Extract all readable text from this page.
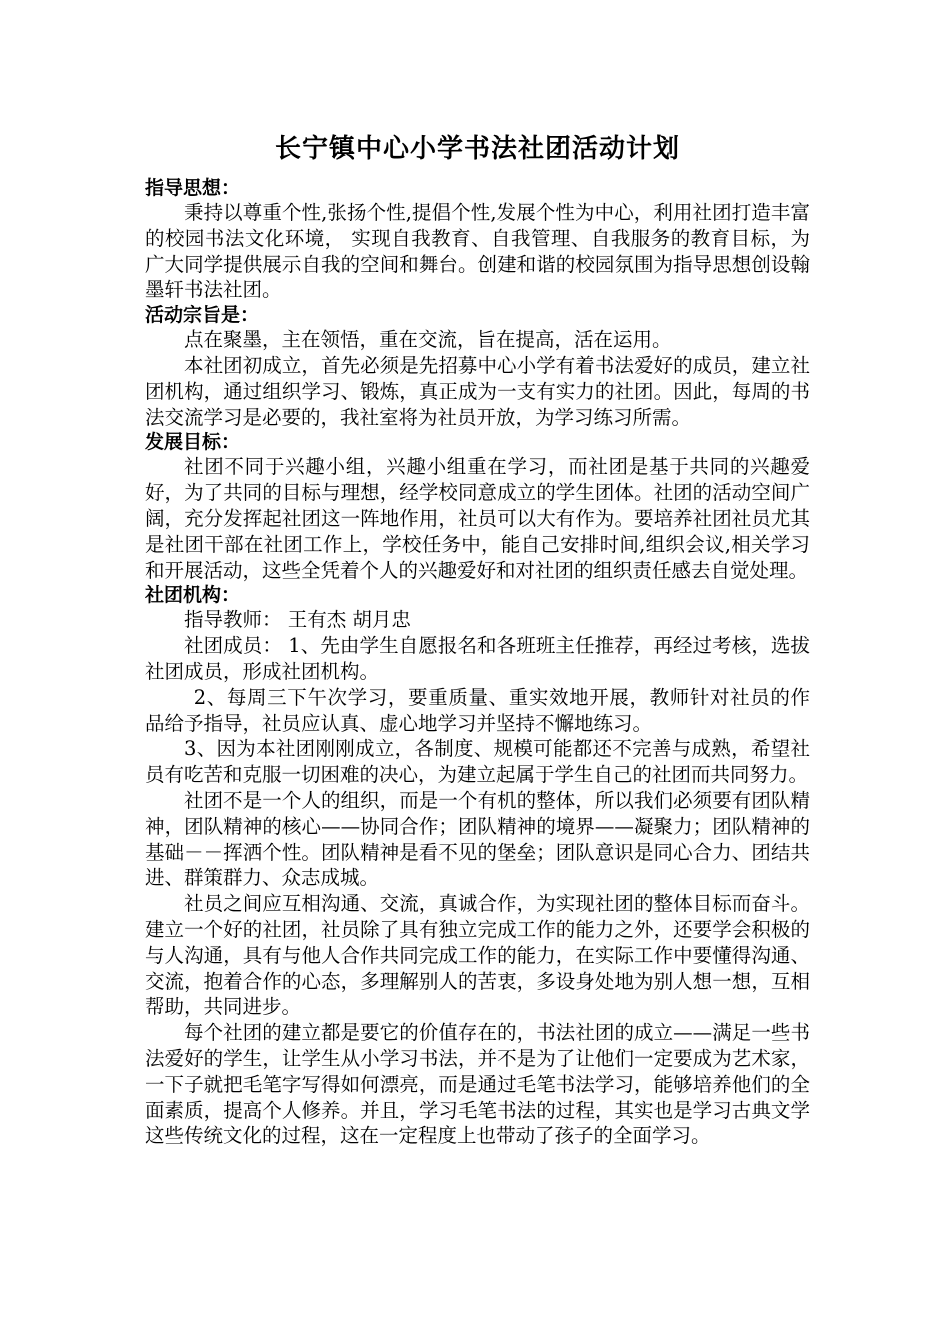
长宁镇中心小学书法社团活动计划
指导思想：

秉持以尊重个性,张扬个性,提倡个性,发展个性为中心，利用社团打造丰富的校园书法文化环境， 实现自我教育、自我管理、自我服务的教育目标，为广大同学提供展示自我的空间和舞台。创建和谐的校园氛围为指导思想创设翰墨轩书法社团。

活动宗旨是：

点在聚墨，主在领悟，重在交流，旨在提高，活在运用。

本社团初成立，首先必须是先招募中心小学有着书法爱好的成员，建立社团机构，通过组织学习、锻炼，真正成为一支有实力的社团。因此，每周的书法交流学习是必要的，我社室将为社员开放，为学习练习所需。

发展目标：

社团不同于兴趣小组，兴趣小组重在学习，而社团是基于共同的兴趣爱好，为了共同的目标与理想，经学校同意成立的学生团体。社团的活动空间广阔，充分发挥起社团这一阵地作用，社员可以大有作为。要培养社团社员尤其是社团干部在社团工作上，学校任务中，能自己安排时间,组织会议,相关学习和开展活动，这些全凭着个人的兴趣爱好和对社团的组织责任感去自觉处理。

社团机构：

指导教师： 王有杰 胡月忠

社团成员： 1、先由学生自愿报名和各班班主任推荐，再经过考核，选拔社团成员，形成社团机构。

2、每周三下午次学习，要重质量、重实效地开展，教师针对社员的作品给予指导，社员应认真、虚心地学习并坚持不懈地练习。

3、因为本社团刚刚成立，各制度、规模可能都还不完善与成熟，希望社员有吃苦和克服一切困难的决心，为建立起属于学生自己的社团而共同努力。

社团不是一个人的组织，而是一个有机的整体，所以我们必须要有团队精神，团队精神的核心——协同合作；团队精神的境界——凝聚力；团队精神的基础－－挥洒个性。团队精神是看不见的堡垒；团队意识是同心合力、团结共进、群策群力、众志成城。

社员之间应互相沟通、交流，真诚合作，为实现社团的整体目标而奋斗。建立一个好的社团，社员除了具有独立完成工作的能力之外，还要学会积极的与人沟通，具有与他人合作共同完成工作的能力，在实际工作中要懂得沟通、交流，抱着合作的心态，多理解别人的苦衷，多设身处地为别人想一想，互相帮助，共同进步。

每个社团的建立都是要它的价值存在的，书法社团的成立——满足一些书法爱好的学生，让学生从小学习书法，并不是为了让他们一定要成为艺术家，一下子就把毛笔字写得如何漂亮，而是通过毛笔书法学习，能够培养他们的全面素质，提高个人修养。并且，学习毛笔书法的过程，其实也是学习古典文学这些传统文化的过程，这在一定程度上也带动了孩子的全面学习。
